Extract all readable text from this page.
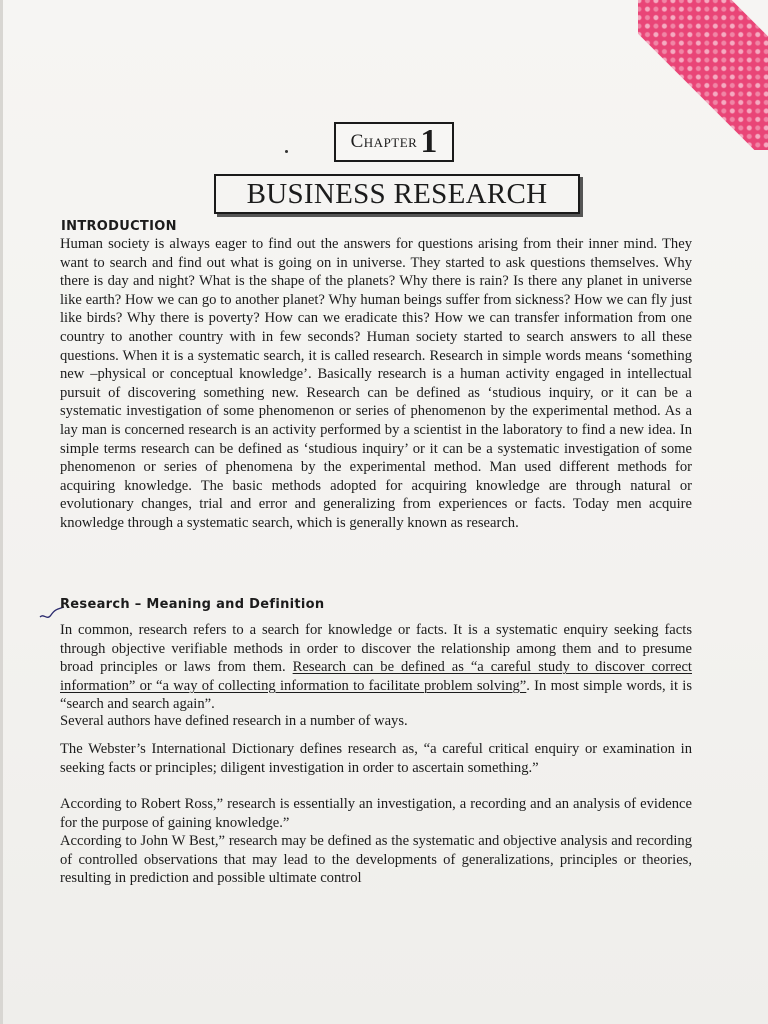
Chapter 1
BUSINESS RESEARCH
INTRODUCTION
Human society is always eager to find out the answers for questions arising from their inner mind. They want to search and find out what is going on in universe. They started to ask questions themselves. Why there is day and night? What is the shape of the planets? Why there is rain? Is there any planet in universe like earth? How we can go to another planet? Why human beings suffer from sickness? How we can fly just like birds? Why there is poverty? How can we eradicate this? How we can transfer information from one country to another country with in few seconds? Human society started to search answers to all these questions. When it is a systematic search, it is called research. Research in simple words means ‘something new –physical or conceptual knowledge’. Basically research is a human activity engaged in intellectual pursuit of discovering something new. Research can be defined as ‘studious inquiry, or it can be a systematic investigation of some phenomenon or series of phenomenon by the experimental method. As a lay man is concerned research is an activity performed by a scientist in the laboratory to find a new idea. In simple terms research can be defined as ‘studious inquiry’ or it can be a systematic investigation of some phenomenon or series of phenomena by the experimental method. Man used different methods for acquiring knowledge. The basic methods adopted for acquiring knowledge are through natural or evolutionary changes, trial and error and generalizing from experiences or facts. Today men acquire knowledge through a systematic search, which is generally known as research.
Research – Meaning and Definition
In common, research refers to a search for knowledge or facts. It is a systematic enquiry seeking facts through objective verifiable methods in order to discover the relationship among them and to presume broad principles or laws from them. Research can be defined as “a careful study to discover correct information” or “a way of collecting information to facilitate problem solving”. In most simple words, it is “search and search again”.
Several authors have defined research in a number of ways.
The Webster’s International Dictionary defines research as, “a careful critical enquiry or examination in seeking facts or principles; diligent investigation in order to ascertain something.”
According to Robert Ross,” research is essentially an investigation, a recording and an analysis of evidence for the purpose of gaining knowledge.”
According to John W Best,” research may be defined as the systematic and objective analysis and recording of controlled observations that may lead to the developments of generalizations, principles or theories, resulting in prediction and possible ultimate control
